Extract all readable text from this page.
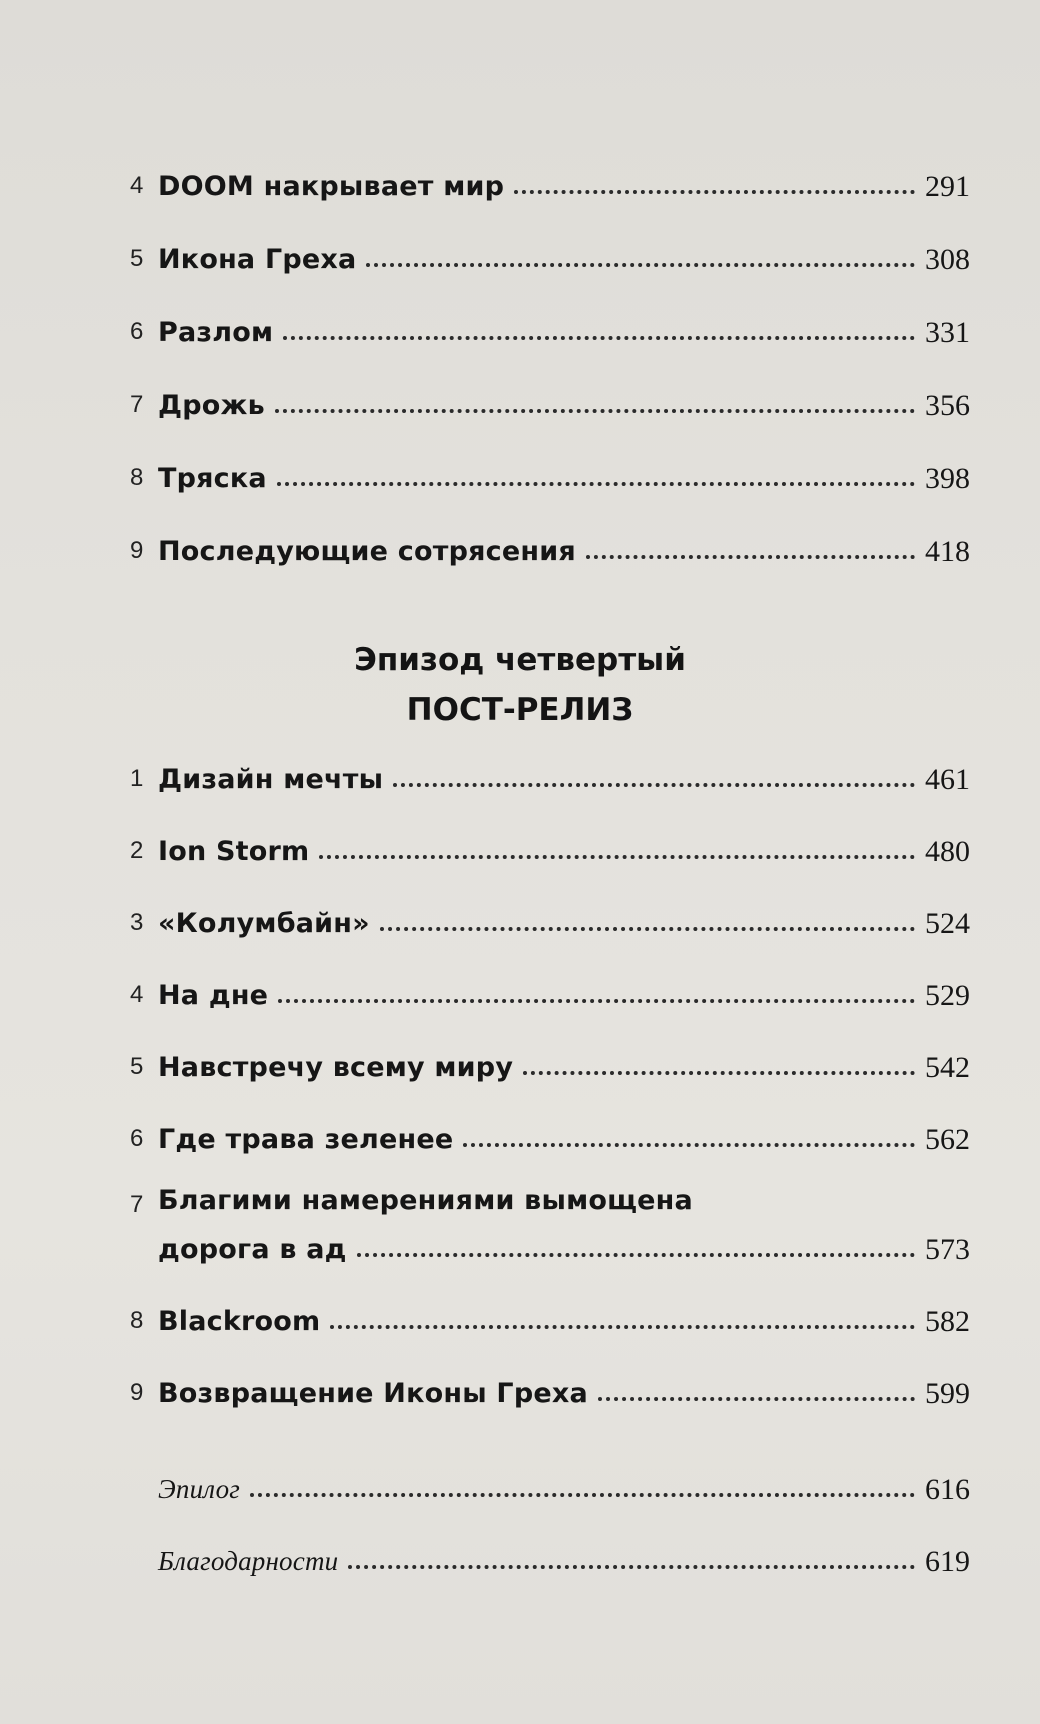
4 DOOM накрывает мир	291
5 Икона Греха	308
6 Разлом	331
7 Дрожь	356
8 Тряска	398
9 Последующие сотрясения	418
Эпизод четвертый
ПОСТ-РЕЛИЗ
1 Дизайн мечты	461
2 Ion Storm	480
3 «Колумбайн»	524
4 На дне	529
5 Навстречу всему миру	542
6 Где трава зеленее	562
7 Благими намерениями вымощена
дорога в ад	573
8 Blackroom	582
9 Возвращение Иконы Греха	599
Эпилог	616
Благодарности	619
